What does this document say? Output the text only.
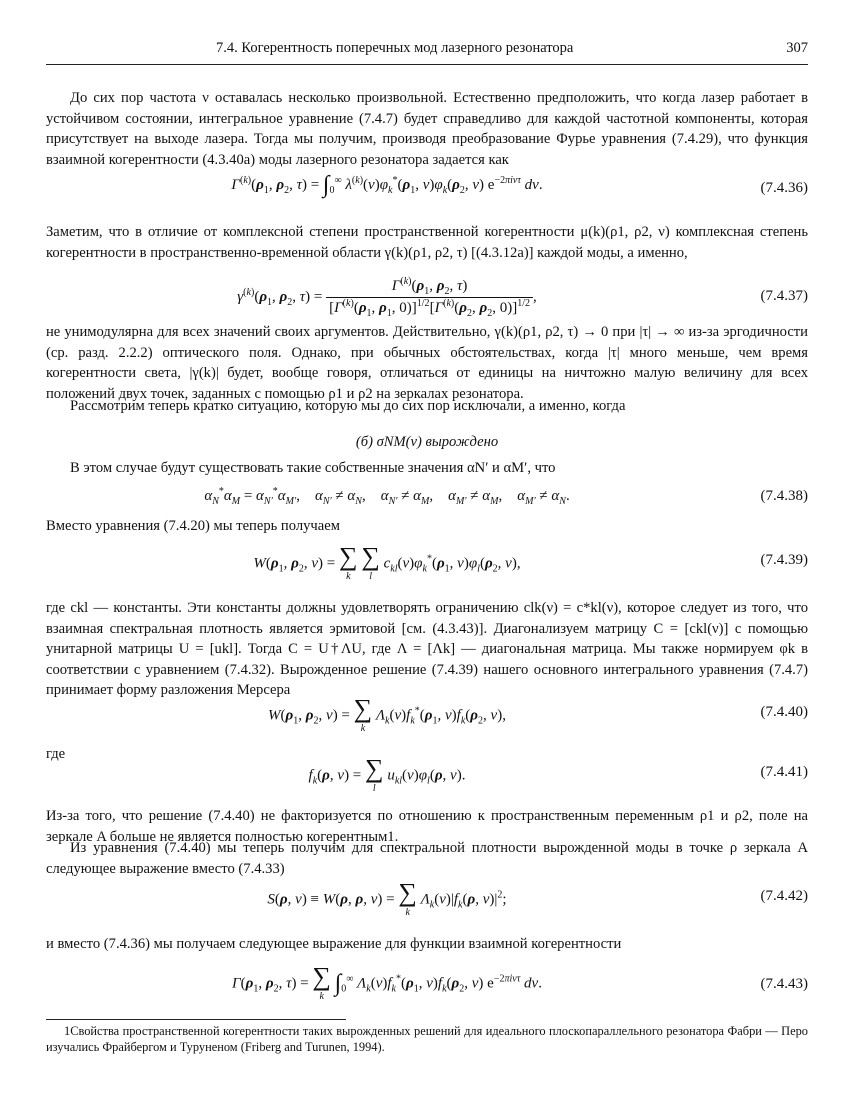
7.4. Когерентность поперечных мод лазерного резонатора	307
До сих пор частота ν оставалась несколько произвольной. Естественно предположить, что когда лазер работает в устойчивом состоянии, интегральное уравнение (7.4.7) будет справедливо для каждой частотной компоненты, которая присутствует на выходе лазера. Тогда мы получим, производя преобразование Фурье уравнения (7.4.29), что функция взаимной когерентности (4.3.40а) моды лазерного резонатора задается как
$\Gamma^{(k)}(\rho_1$, $\rho_2$, $\tau) = \int_0^\infty$ $\lambda^{(k)}(\nu)\varphi_k^*(\rho_1$, $\nu)\varphi_k(\rho_2$, ν) $e^{-2\pi i\nu\tau}$ dν.	(7.4.36)
Заметим, что в отличие от комплексной степени пространственной когерентности μ(k)(ρ1, ρ2, ν) комплексная степень когерентности в пространственно-временной области γ(k)(ρ1, ρ2, τ) [(4.3.12а)] каждой моды, а именно,
$\gamma^{(k)}(\rho_1$, $\rho_2$, $\tau) = \frac{\Gamma^{(k)}(\rho_1, \rho_2, \tau)}{[\Gamma^{(k)}(\rho_1, \rho_1, 0)]^{1/2}[\Gamma^{(k)}(\rho_2, \rho_2, 0)]^{1/2}}$ ,	(7.4.37)
не унимодулярна для всех значений своих аргументов. Действительно, γ(k)(ρ1, ρ2, τ) → 0 при |τ| → ∞ из-за эргодичности (ср. разд. 2.2.2) оптического поля. Однако, при обычных обстоятельствах, когда |τ| много меньше, чем время когерентности света, |γ(k)| будет, вообще говоря, отличаться от единицы на ничтожно малую величину для всех положений двух точек, заданных с помощью ρ1 и ρ2 на зеркалах резонатора.
Рассмотрим теперь кратко ситуацию, которую мы до сих пор исключали, а именно, когда
(б) σNM(ν) вырождено
В этом случае будут существовать такие собственные значения αN′ и αM′, что
$\alpha_N^*\alpha_M = \alpha_{N'}^*\alpha_{M'}$,    $\alpha_{N'} \ne \alpha_N$,    $\alpha_{N'} \ne \alpha_M$,    $\alpha_{M'} \ne \alpha_M$,    $\alpha_{M'} \ne \alpha_N$.	(7.4.38)
Вместо уравнения (7.4.20) мы теперь получаем
$W(\rho_1$, $\rho_2$, ν) = ∑
k

∑
l
$c_{kl}(\nu)\varphi_k^*(\rho_1$, $\nu)\varphi_l(\rho_2$, ν),	(7.4.39)
где ckl — константы. Эти константы должны удовлетворять ограничению clk(ν) = c*kl(ν), которое следует из того, что взаимная спектральная плотность является эрмитовой [см. (4.3.43)]. Диагонализуем матрицу C = [ckl(ν)] с помощью унитарной матрицы U = [ukl]. Тогда C = U†ΛU, где Λ = [Λk] — диагональная матрица. Мы также нормируем φk в соответствии с уравнением (7.4.32). Вырожденное решение (7.4.39) нашего основного интегрального уравнения (7.4.7) принимает форму разложения Мерсера
$W(\rho_1$, $\rho_2$, ν) = ∑
k
$\Lambda_k(\nu)f_k^*(\rho_1$, $\nu)f_k(\rho_2$, ν),	(7.4.40)
где
$f_k(\rho$, ν) = ∑
l
$u_{kl}(\nu)\varphi_l(\rho$, ν).	(7.4.41)
Из-за того, что решение (7.4.40) не факторизуется по отношению к пространственным переменным ρ1 и ρ2, поле на зеркале A больше не является полностью когерентным1.
Из уравнения (7.4.40) мы теперь получим для спектральной плотности вырожденной моды в точке ρ зеркала A следующее выражение вместо (7.4.33)
S(ρ, ν) ≡ W(ρ, ρ, ν) = ∑
k
$\Lambda_k(\nu)|f_k(\rho$, $\nu)|^2$;	(7.4.42)
и вместо (7.4.36) мы получаем следующее выражение для функции взаимной когерентности
$\Gamma(\rho_1$, $\rho_2$, τ) = ∑
k $\int_0^\infty$ $\Lambda_k(\nu)f_k^*(\rho_1$, $\nu)f_k(\rho_2$, ν) $e^{-2\pi i\nu\tau}$ dν.	(7.4.43)
1Свойства пространственной когерентности таких вырожденных решений для идеального плоскопараллельного резонатора Фабри — Перо изучались Фрайбергом и Туруненом (Friberg and Turunen, 1994).
